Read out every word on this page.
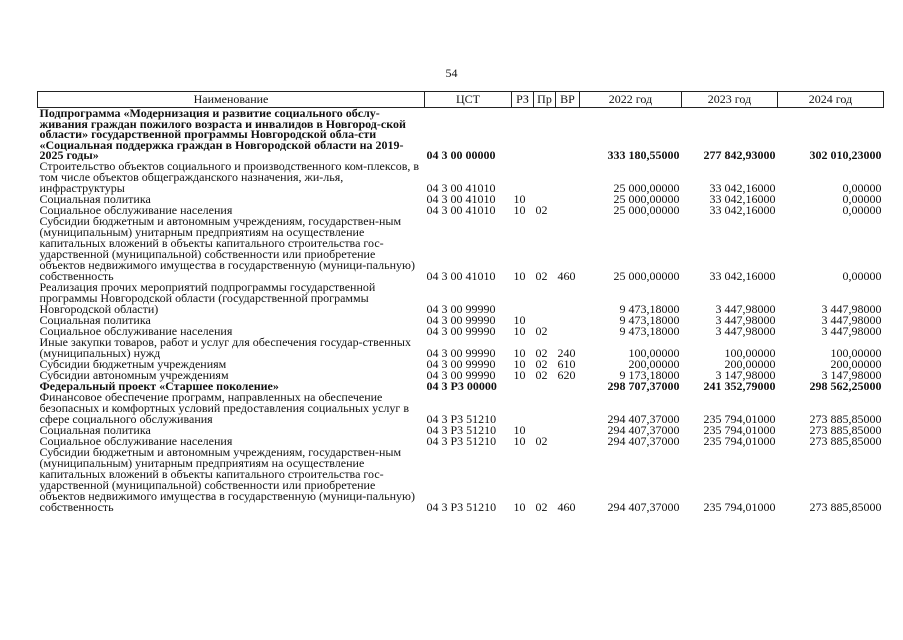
54
Наименование	ЦСТ	РЗ	Пр	ВР	2022 год	2023 год	2024 год
Подпрограмма «Модернизация и развитие социального обслу-живания граждан пожилого возраста и инвалидов в Новгород-ской области» государственной программы Новгородской обла-сти «Социальная поддержка граждан в Новгородской области на 2019-2025 годы»	04 3 00 00000				333 180,55000	277 842,93000	302 010,23000
Строительство объектов социального и производственного ком-плексов, в том числе объектов общегражданского назначения, жи-лья, инфраструктуры	04 3 00 41010				25 000,00000	33 042,16000	0,00000
Социальная политика	04 3 00 41010	10			25 000,00000	33 042,16000	0,00000
Социальное обслуживание населения	04 3 00 41010	10	02		25 000,00000	33 042,16000	0,00000
Субсидии бюджетным и автономным учреждениям, государствен-ным (муниципальным) унитарным предприятиям на осуществление капитальных вложений в объекты капитального строительства гос-ударственной (муниципальной) собственности или приобретение объектов недвижимого имущества в государственную (муници-пальную) собственность	04 3 00 41010	10	02	460	25 000,00000	33 042,16000	0,00000
Реализация прочих мероприятий подпрограммы государственной программы Новгородской области (государственной программы Новгородской области)	04 3 00 99990				9 473,18000	3 447,98000	3 447,98000
Социальная политика	04 3 00 99990	10			9 473,18000	3 447,98000	3 447,98000
Социальное обслуживание населения	04 3 00 99990	10	02		9 473,18000	3 447,98000	3 447,98000
Иные закупки товаров, работ и услуг для обеспечения государ-ственных (муниципальных) нужд	04 3 00 99990	10	02	240	100,00000	100,00000	100,00000
Субсидии бюджетным учреждениям	04 3 00 99990	10	02	610	200,00000	200,00000	200,00000
Субсидии автономным учреждениям	04 3 00 99990	10	02	620	9 173,18000	3 147,98000	3 147,98000
Федеральный проект «Старшее поколение»	04 3 Р3 00000				298 707,37000	241 352,79000	298 562,25000
Финансовое обеспечение программ, направленных на обеспечение безопасных и комфортных условий предоставления социальных услуг в сфере социального обслуживания	04 3 Р3 51210				294 407,37000	235 794,01000	273 885,85000
Социальная политика	04 3 Р3 51210	10			294 407,37000	235 794,01000	273 885,85000
Социальное обслуживание населения	04 3 Р3 51210	10	02		294 407,37000	235 794,01000	273 885,85000
Субсидии бюджетным и автономным учреждениям, государствен-ным (муниципальным) унитарным предприятиям на осуществление капитальных вложений в объекты капитального строительства гос-ударственной (муниципальной) собственности или приобретение объектов недвижимого имущества в государственную (муници-пальную) собственность	04 3 Р3 51210	10	02	460	294 407,37000	235 794,01000	273 885,85000
